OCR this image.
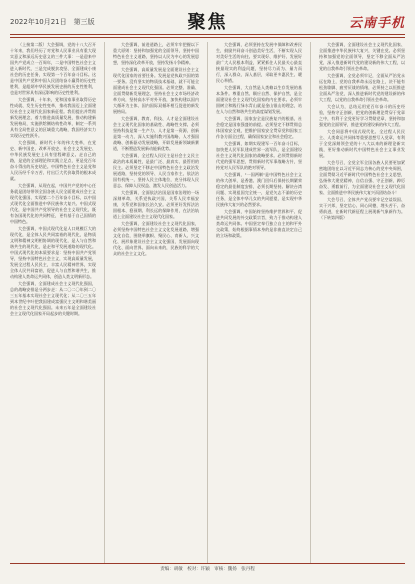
2022年10月21日　第三版	聚焦	云南手机

（上接第二版）大会强调，党的十八大召开十年来，我们经历了对党和人民事业具有重大现实意义和深远历史意义的三件大事：一是迎来中国共产党成立一百周年，二是中国特色社会主义进入新时代，三是完成脱贫攻坚、全面建成小康社会的历史任务，实现第一个百年奋斗目标。这是中国共产党和中国人民团结奋斗赢得的历史性胜利，是彪炳中华民族发展史册的历史性胜利，也是对世界具有深远影响的历史性胜利。

大会强调，十年来，党和国家事业取得历史性成就、发生历史性变革，推动我国迈上全面建设社会主义现代化国家新征程。我们提出并贯彻新发展理念，着力推进高质量发展，推动构建新发展格局，实施供给侧结构性改革，制定一系列具有全局性意义的区域重大战略，我国经济实力实现历史性跃升。

大会强调，新时代十年的伟大变革，在党史、新中国史、改革开放史、社会主义发展史、中华民族发展史上具有里程碑意义。走自己的路，是党的全部理论和实践立足点，更是党百年奋斗得出的历史结论。中国特色社会主义是党和人民历经千辛万苦、付出巨大代价取得的根本成就。

大会强调，从现在起，中国共产党的中心任务就是团结带领全国各族人民全面建成社会主义现代化强国、实现第二个百年奋斗目标，以中国式现代化全面推进中华民族伟大复兴。中国式现代化，是中国共产党领导的社会主义现代化，既有各国现代化的共同特征，更有基于自己国情的中国特色。

大会强调，中国式现代化是人口规模巨大的现代化，是全体人民共同富裕的现代化，是物质文明和精神文明相协调的现代化，是人与自然和谐共生的现代化，是走和平发展道路的现代化。中国式现代化的本质要求是：坚持中国共产党领导，坚持中国特色社会主义，实现高质量发展，发展全过程人民民主，丰富人民精神世界，实现全体人民共同富裕，促进人与自然和谐共生，推动构建人类命运共同体，创造人类文明新形态。

大会强调，全面建成社会主义现代化强国，总的战略安排是分两步走：从二〇二〇年到二〇三五年基本实现社会主义现代化；从二〇三五年到本世纪中叶把我国建成富强民主文明和谐美丽的社会主义现代化强国。未来五年是全面建设社会主义现代化国家开局起步的关键时期。

大会强调，前进道路上，必须牢牢把握以下重大原则：坚持和加强党的全面领导，坚持中国特色社会主义道路，坚持以人民为中心的发展思想，坚持深化改革开放，坚持发扬斗争精神。

大会强调，高质量发展是全面建设社会主义现代化国家的首要任务。发展是党执政兴国的第一要务。没有坚实的物质技术基础，就不可能全面建成社会主义现代化强国。必须完整、准确、全面贯彻新发展理念，坚持社会主义市场经济改革方向，坚持高水平对外开放，加快构建以国内大循环为主体、国内国际双循环相互促进的新发展格局。

大会强调，教育、科技、人才是全面建设社会主义现代化国家的基础性、战略性支撑。必须坚持科技是第一生产力、人才是第一资源、创新是第一动力，深入实施科教兴国战略、人才强国战略、创新驱动发展战略，开辟发展新领域新赛道，不断塑造发展新动能新优势。

大会强调，全过程人民民主是社会主义民主政治的本质属性，是最广泛、最真实、最管用的民主。必须坚定不移走中国特色社会主义政治发展道路，坚持党的领导、人民当家作主、依法治国有机统一，坚持人民主体地位，充分体现人民意志、保障人民权益、激发人民创造活力。

大会强调，全面依法治国是国家治理的一场深刻革命，关系党执政兴国，关系人民幸福安康，关系党和国家长治久安。必须更好发挥法治固根本、稳预期、利长远的保障作用，在法治轨道上全面建设社会主义现代化国家。

大会强调，全面建设社会主义现代化国家，必须坚持中国特色社会主义文化发展道路，增强文化自信，围绕举旗帜、聚民心、育新人、兴文化、展形象建设社会主义文化强国，发展面向现代化、面向世界、面向未来的，民族的科学的大众的社会主义文化。

大会强调，必须坚持在发展中保障和改善民生，鼓励共同奋斗创造美好生活，不断实现人民对美好生活的向往。要实现好、维护好、发展好最广大人民根本利益，紧紧抓住人民最关心最直接最现实的利益问题，坚持尽力而为、量力而行，深入群众、深入基层，采取更多惠民生、暖民心举措。

大会强调，大自然是人类赖以生存发展的基本条件。尊重自然、顺应自然、保护自然，是全面建设社会主义现代化国家的内在要求。必须牢固树立和践行绿水青山就是金山银山的理念，站在人与自然和谐共生的高度谋划发展。

大会强调，国家安全是民族复兴的根基，社会稳定是国家强盛的前提。必须坚定不移贯彻总体国家安全观，把维护国家安全贯穿党和国家工作各方面全过程，确保国家安全和社会稳定。

大会强调，如期实现建军一百年奋斗目标，加快把人民军队建成世界一流军队，是全面建设社会主义现代化国家的战略要求。必须贯彻新时代党的强军思想，贯彻新时代军事战略方针，坚持党对人民军队的绝对领导。

大会强调，"一国两制"是中国特色社会主义的伟大创举，是香港、澳门回归后保持长期繁荣稳定的最佳制度安排，必须长期坚持。解决台湾问题、实现祖国完全统一，是党矢志不渝的历史任务，是全体中华儿女的共同愿望，是实现中华民族伟大复兴的必然要求。

大会强调，中国始终坚持维护世界和平、促进共同发展的外交政策宗旨，致力于推动构建人类命运共同体。中国坚定奉行独立自主的和平外交政策，始终根据事情本身的是非曲直决定自己的立场和政策。

大会强调，全面建设社会主义现代化国家、全面推进中华民族伟大复兴，关键在党。必须坚持和加强党的全面领导，坚定不移全面从严治党，深入推进新时代党的建设新的伟大工程，以党的自我革命引领社会革命。

大会强调，全党必须牢记，全面从严治党永远在路上，党的自我革命永远在路上，决不能有松劲歇脚、疲劳厌战的情绪，必须持之以恒推进全面从严治党，深入推进新时代党的建设新的伟大工程，以党的自我革命引领社会革命。

大会认为，总结运用党百年奋斗的历史经验，坚持守正创新，把党的创新理论贯穿于党章之中，有利于全党更好学习贯彻党章，坚持和加强党的全面领导，推进党的建设新的伟大工程。

大会同意将中国式现代化、全过程人民民主、人类命运共同体等重要思想写入党章，有利于全党深刻领会党的十八大以来的新理论新实践，更好推动新时代中国特色社会主义事业发展。

大会号召，全党全军全国各族人民要更加紧密地团结在以习近平同志为核心的党中央周围，全面贯彻习近平新时代中国特色社会主义思想，弘扬伟大建党精神，自信自强、守正创新，踔厉奋发、勇毅前行，为全面建设社会主义现代化国家、全面推进中华民族伟大复兴而团结奋斗！

大会号召，全体共产党员要牢记空谈误国、实干兴邦，坚定信心、同心同德，埋头苦干、奋勇前进，在新时代新征程上展现新气象新作为。（下转第四版）

责编：胡敏　校对：许颖　审核：魏扬　张丹程
